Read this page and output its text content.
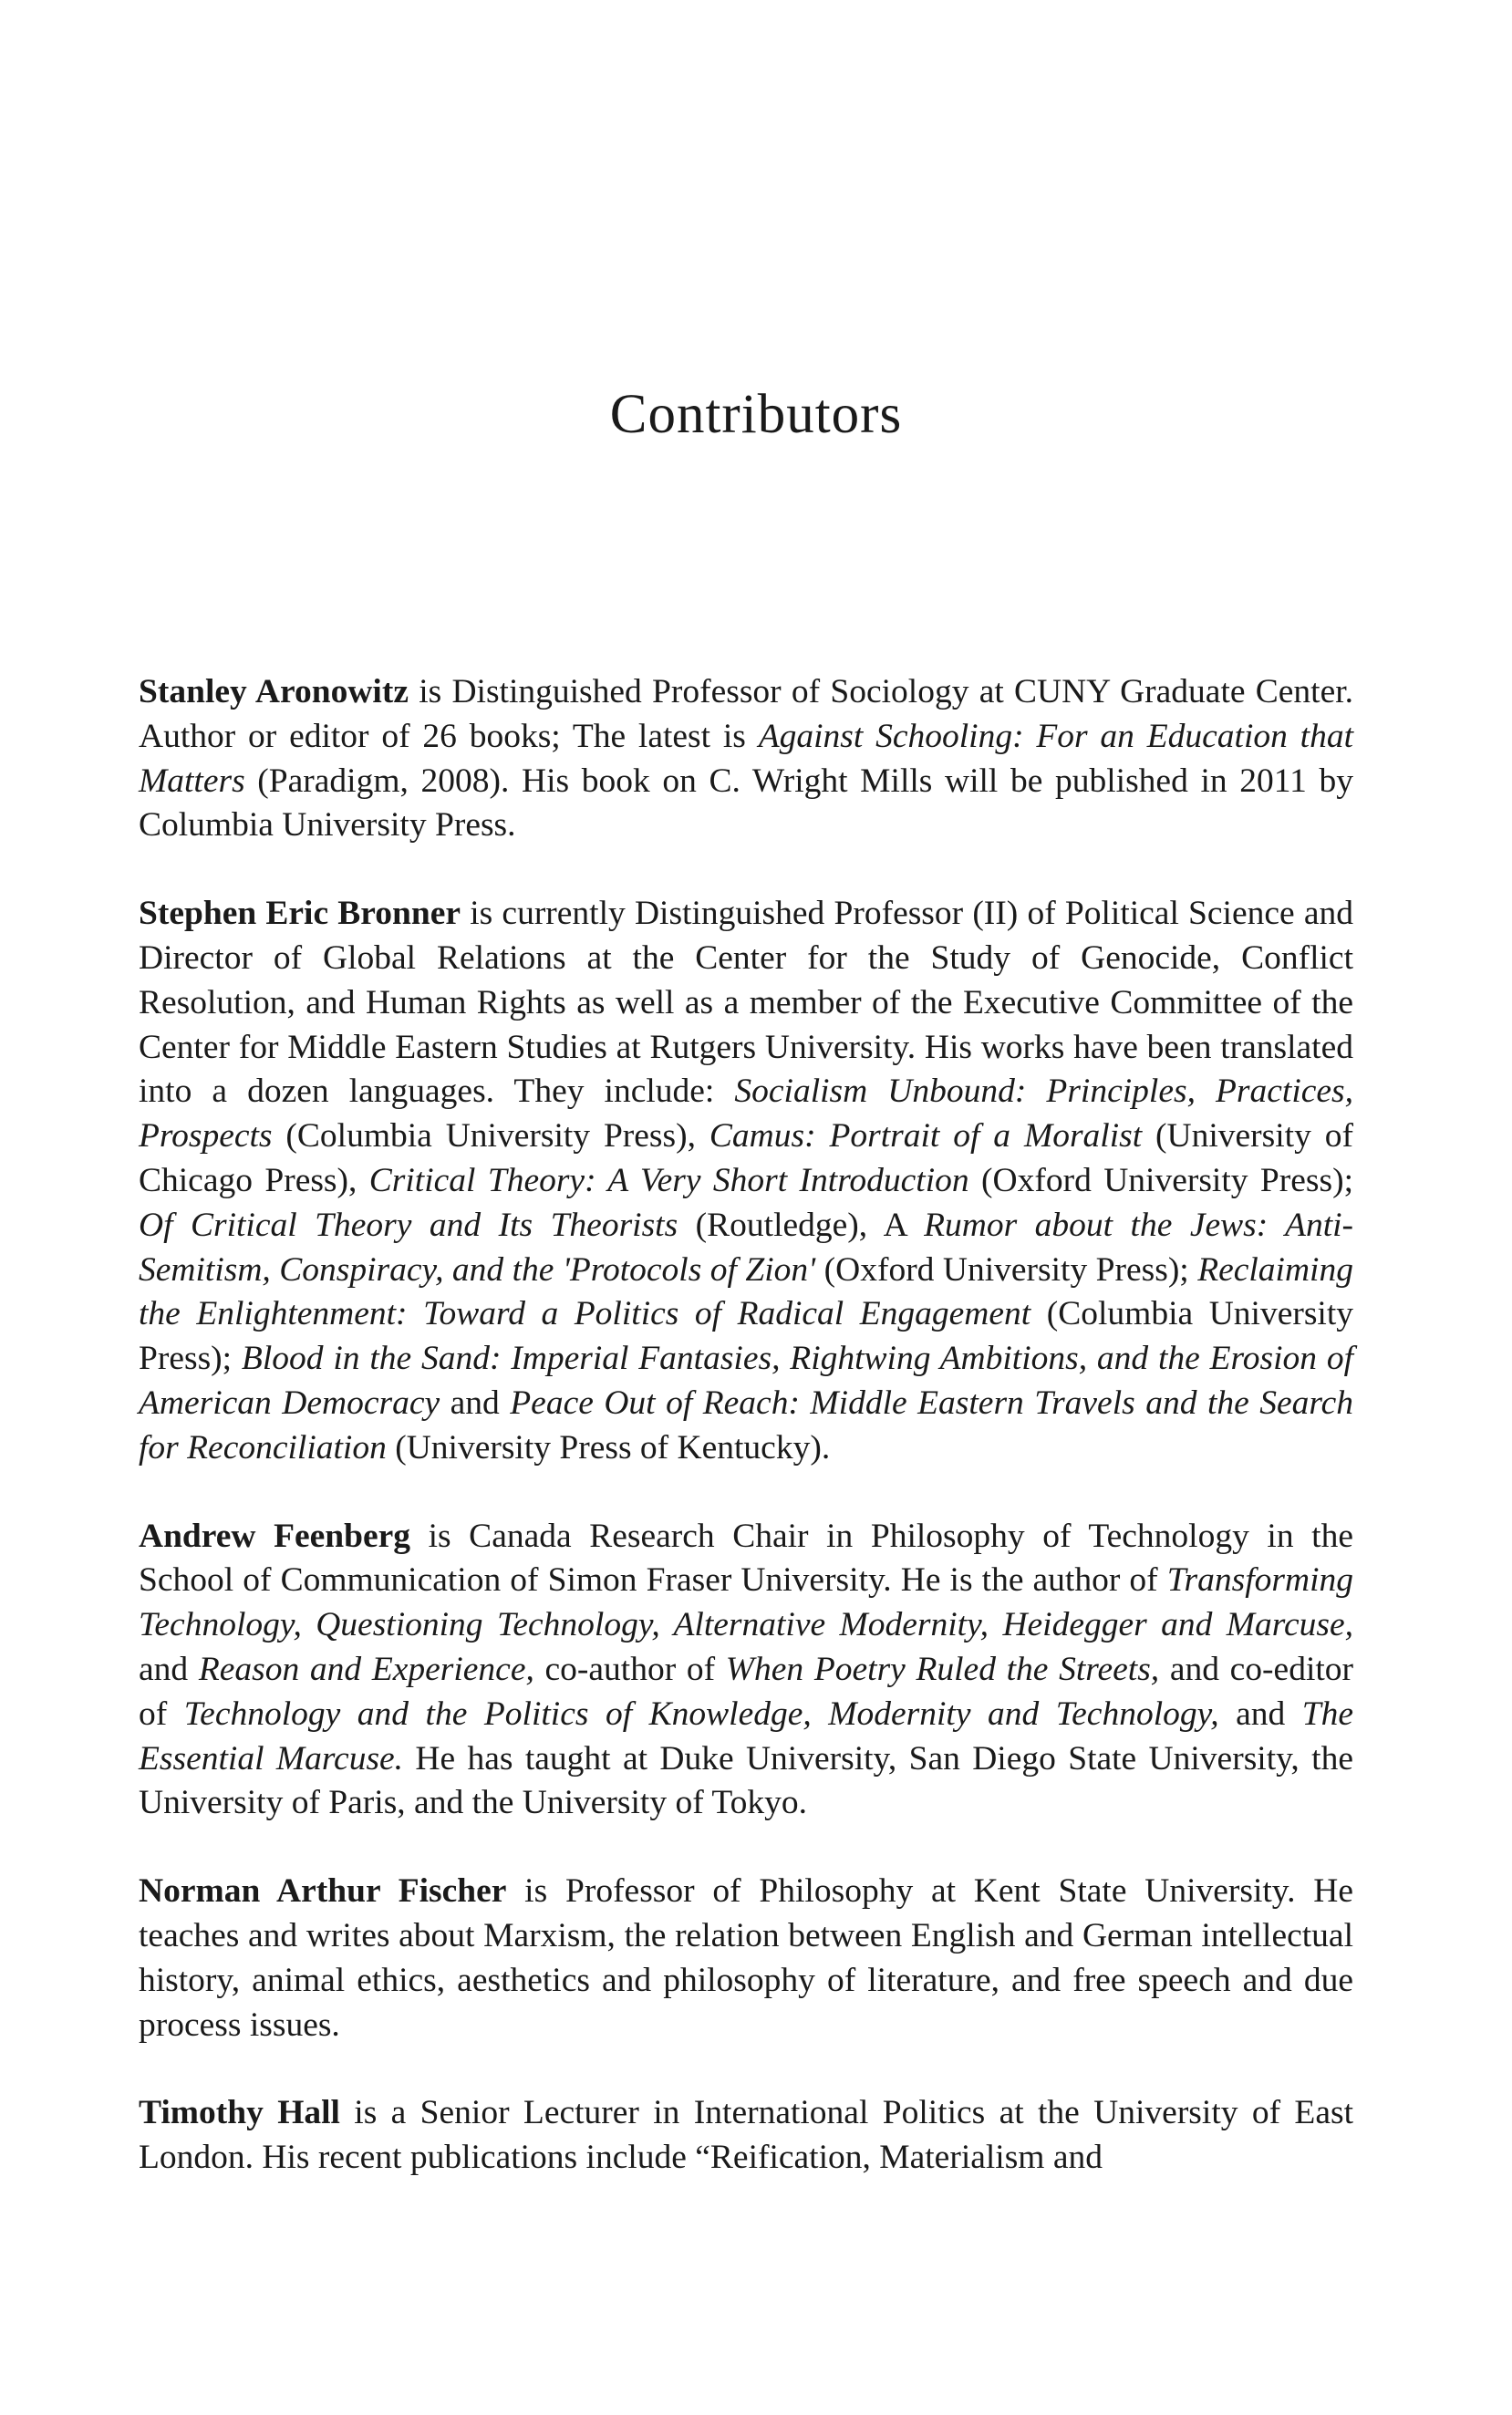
Contributors

Stanley Aronowitz is Distinguished Professor of Sociology at CUNY Graduate Center. Author or editor of 26 books; The latest is Against Schooling: For an Education that Matters (Paradigm, 2008). His book on C. Wright Mills will be published in 2011 by Columbia University Press.

Stephen Eric Bronner is currently Distinguished Professor (II) of Political Science and Director of Global Relations at the Center for the Study of Genocide, Conflict Resolution, and Human Rights as well as a member of the Executive Committee of the Center for Middle Eastern Studies at Rutgers University. His works have been translated into a dozen languages. They include: Socialism Unbound: Principles, Practices, Prospects (Columbia University Press), Camus: Portrait of a Moralist (University of Chicago Press), Critical Theory: A Very Short Introduction (Oxford University Press); Of Critical Theory and Its Theorists (Routledge), A Rumor about the Jews: Anti-Semitism, Conspiracy, and the 'Protocols of Zion' (Oxford University Press); Reclaiming the Enlightenment: Toward a Politics of Radical Engagement (Columbia University Press); Blood in the Sand: Imperial Fantasies, Rightwing Ambitions, and the Erosion of American Democracy and Peace Out of Reach: Middle Eastern Travels and the Search for Reconciliation (University Press of Kentucky).

Andrew Feenberg is Canada Research Chair in Philosophy of Technology in the School of Communication of Simon Fraser University. He is the author of Transforming Technology, Questioning Technology, Alternative Modernity, Heidegger and Marcuse, and Reason and Experience, co-author of When Poetry Ruled the Streets, and co-editor of Technology and the Politics of Knowledge, Modernity and Technology, and The Essential Marcuse. He has taught at Duke University, San Diego State University, the University of Paris, and the University of Tokyo.

Norman Arthur Fischer is Professor of Philosophy at Kent State University. He teaches and writes about Marxism, the relation between English and German intellectual history, animal ethics, aesthetics and philosophy of literature, and free speech and due process issues.

Timothy Hall is a Senior Lecturer in International Politics at the University of East London. His recent publications include “Reification, Materialism and
